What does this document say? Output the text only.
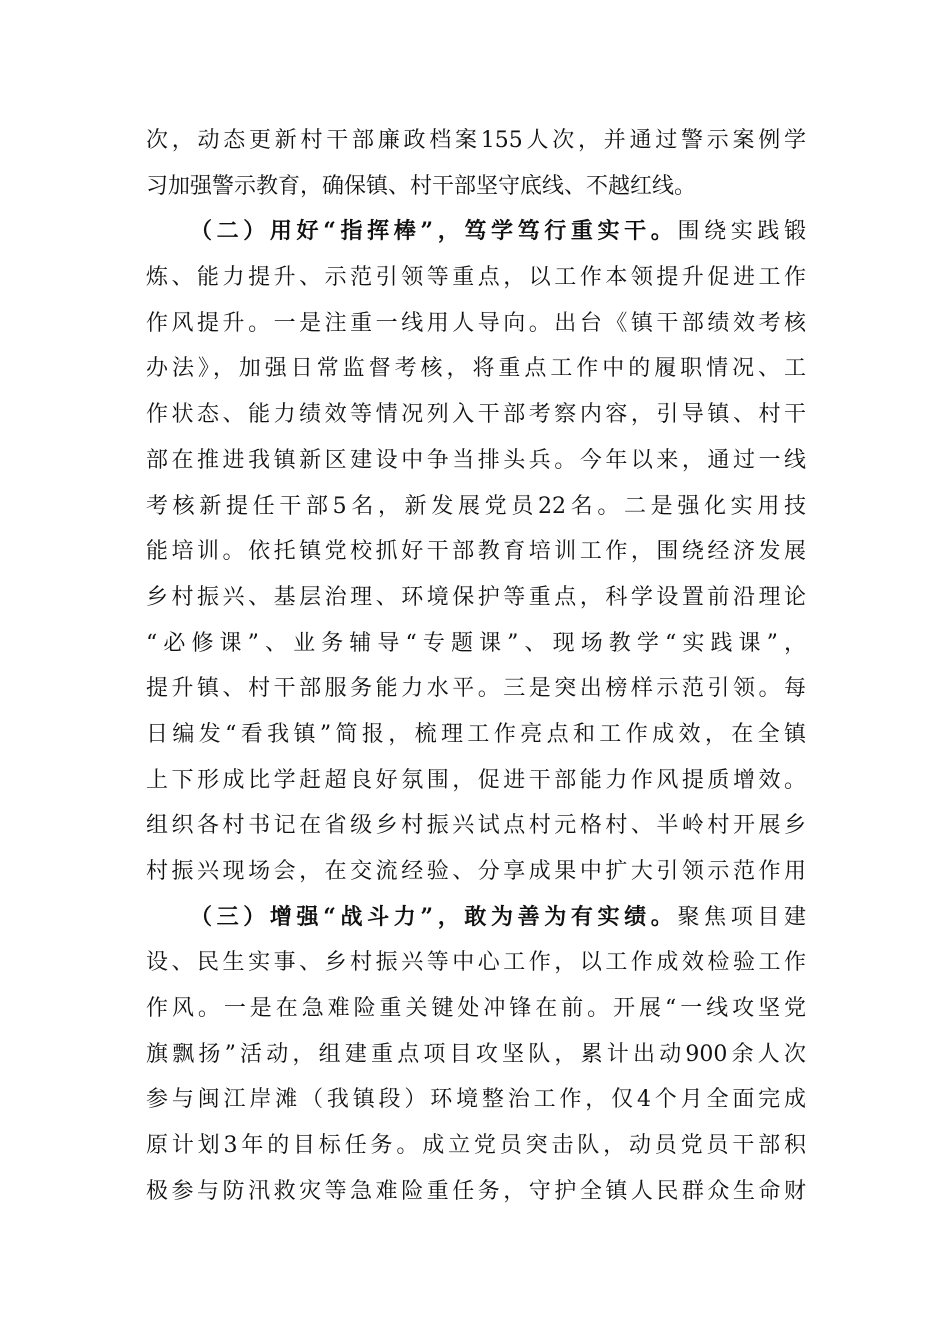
次，动态更新村干部廉政档案155人次，并通过警示案例学
习加强警示教育，确保镇、村干部坚守底线、不越红线。
（二）用好“指挥棒”，笃学笃行重实干。围绕实践锻
炼、能力提升、示范引领等重点，以工作本领提升促进工作
作风提升。一是注重一线用人导向。出台《镇干部绩效考核
办法》，加强日常监督考核，将重点工作中的履职情况、工
作状态、能力绩效等情况列入干部考察内容，引导镇、村干
部在推进我镇新区建设中争当排头兵。今年以来，通过一线
考核新提任干部5名，新发展党员22名。二是强化实用技
能培训。依托镇党校抓好干部教育培训工作，围绕经济发展
乡村振兴、基层治理、环境保护等重点，科学设置前沿理论
“必修课”、业务辅导“专题课”、现场教学“实践课”，
提升镇、村干部服务能力水平。三是突出榜样示范引领。每
日编发“看我镇”简报，梳理工作亮点和工作成效，在全镇
上下形成比学赶超良好氛围，促进干部能力作风提质增效。
组织各村书记在省级乡村振兴试点村元格村、半岭村开展乡
村振兴现场会，在交流经验、分享成果中扩大引领示范作用
（三）增强“战斗力”，敢为善为有实绩。聚焦项目建
设、民生实事、乡村振兴等中心工作，以工作成效检验工作
作风。一是在急难险重关键处冲锋在前。开展“一线攻坚党
旗飘扬”活动，组建重点项目攻坚队，累计出动900余人次
参与闽江岸滩（我镇段）环境整治工作，仅4个月全面完成
原计划3年的目标任务。成立党员突击队，动员党员干部积
极参与防汛救灾等急难险重任务，守护全镇人民群众生命财
